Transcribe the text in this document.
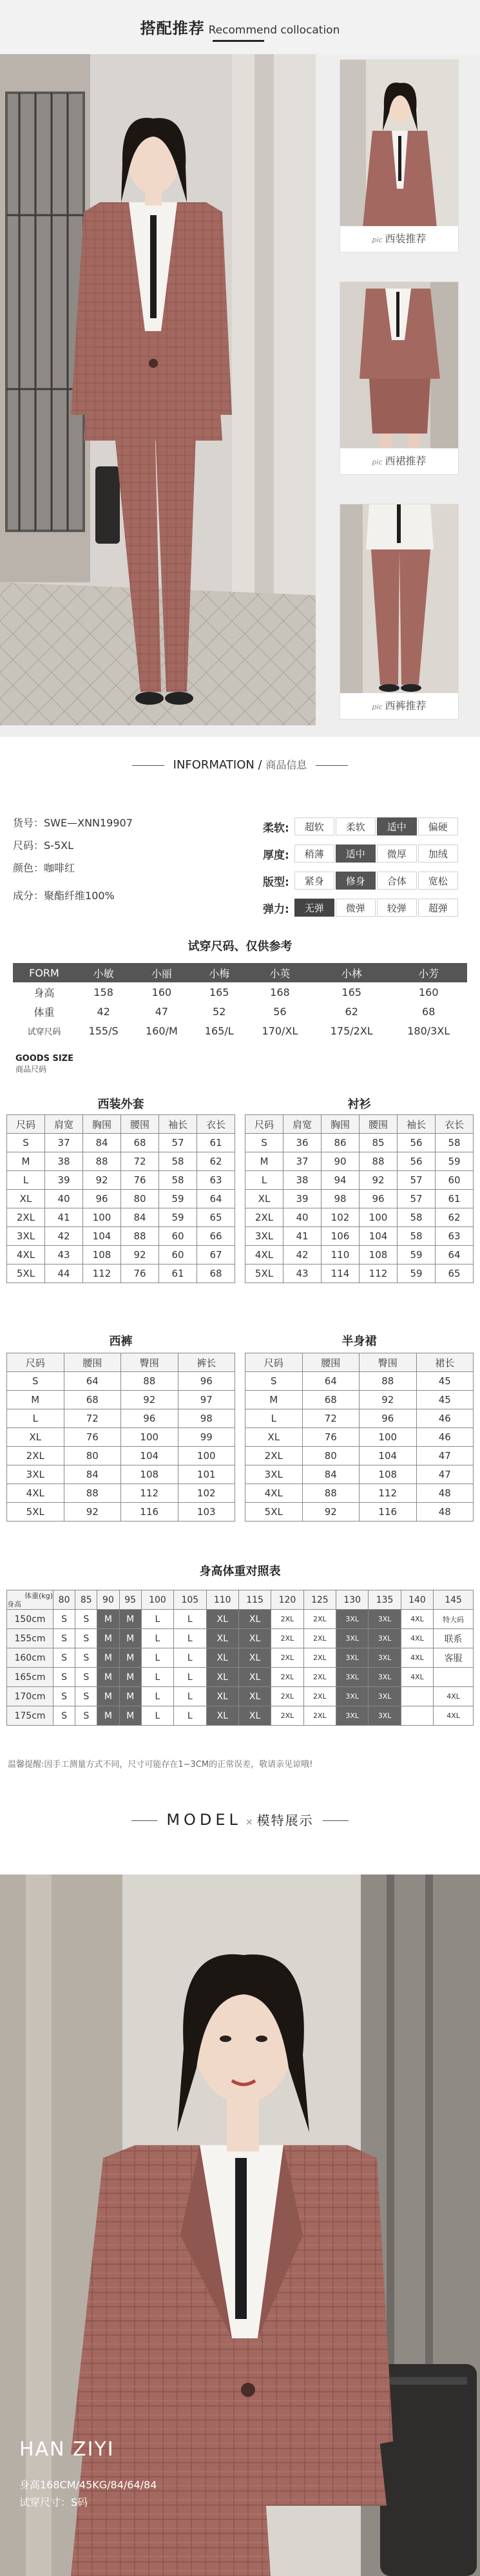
搭配推荐 Recommend collocation
pic 西装推荐
pic 西裙推荐
pic 西裤推荐
INFORMATION / 商品信息
货号：SWE—XNN19907
尺码：S-5XL
颜色：咖啡红
成分：聚酯纤维100%
柔软:	超软	柔软	适中	偏硬
厚度:	稍薄	适中	微厚	加绒
版型:	紧身	修身	合体	宽松
弹力:	无弹	微弹	较弹	超弹
试穿尺码、仅供参考
FORM	小敏	小丽	小梅	小英	小林	小芳
身高	158	160	165	168	165	160
体重	42	47	52	56	62	68
试穿尺码	155/S	160/M	165/L	170/XL	175/2XL	180/3XL
GOODS SIZE
商品尺码
西装外套
尺码	肩宽	胸围	腰围	袖长	衣长
S	37	84	68	57	61
M	38	88	72	58	62
L	39	92	76	58	63
XL	40	96	80	59	64
2XL	41	100	84	59	65
3XL	42	104	88	60	66
4XL	43	108	92	60	67
5XL	44	112	76	61	68
衬衫
尺码	肩宽	胸围	腰围	袖长	衣长
S	36	86	85	56	58
M	37	90	88	56	59
L	38	94	92	57	60
XL	39	98	96	57	61
2XL	40	102	100	58	62
3XL	41	106	104	58	63
4XL	42	110	108	59	64
5XL	43	114	112	59	65
西裤
尺码	腰围	臀围	裤长
S	64	88	96
M	68	92	97
L	72	96	98
XL	76	100	99
2XL	80	104	100
3XL	84	108	101
4XL	88	112	102
5XL	92	116	103
半身裙
尺码	腰围	臀围	裙长
S	64	88	45
M	68	92	45
L	72	96	46
XL	76	100	46
2XL	80	104	47
3XL	84	108	47
4XL	88	112	48
5XL	92	116	48
身高体重对照表
体重(kg)
身高	80	85	90	95	100	105	110	115	120	125	130	135	140	145
150cm	S	S	M	M	L	L	XL	XL	2XL	2XL	3XL	3XL	4XL	特大码
155cm	S	S	M	M	L	L	XL	XL	2XL	2XL	3XL	3XL	4XL	联系
160cm	S	S	M	M	L	L	XL	XL	2XL	2XL	3XL	3XL	4XL	客服
165cm	S	S	M	M	L	L	XL	XL	2XL	2XL	3XL	3XL	4XL	
170cm	S	S	M	M	L	L	XL	XL	2XL	2XL	3XL	3XL		4XL
175cm	S	S	M	M	L	L	XL	XL	2XL	2XL	3XL	3XL		4XL
温馨提醒:因手工测量方式不同，尺寸可能存在1~3CM的正常误差，敬请亲见谅哦!
MODEL × 模特展示
HAN ZIYI
身高168CM/45KG/84/64/84
试穿尺寸：S码
